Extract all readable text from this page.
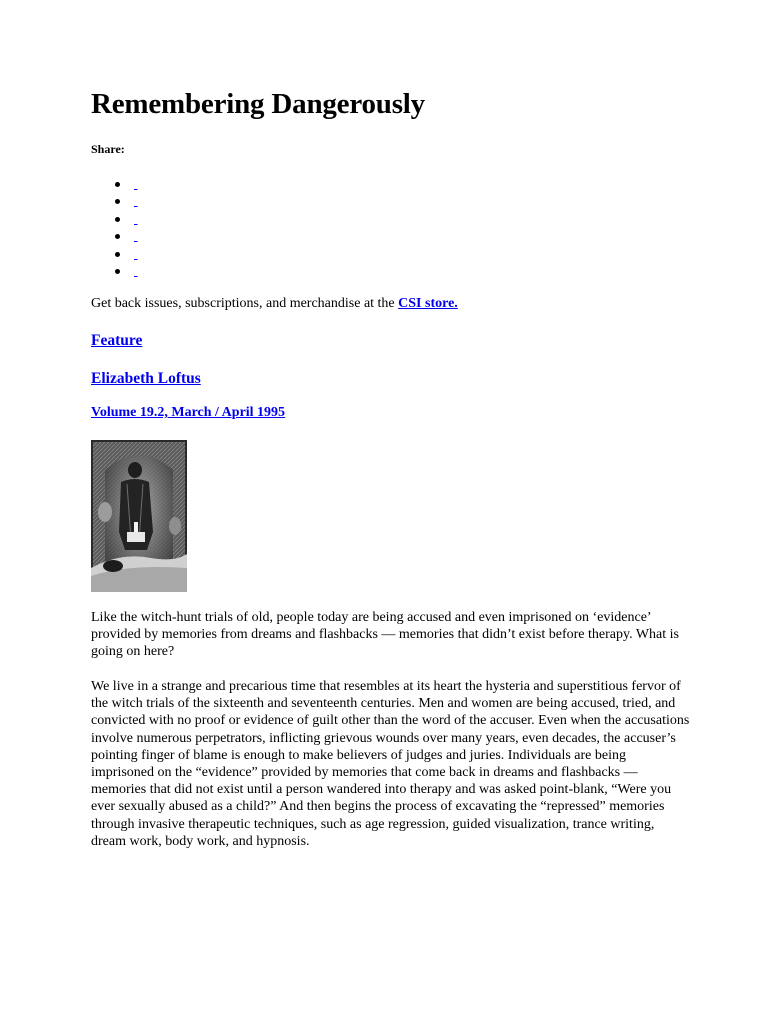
Remembering Dangerously
Share:

Get back issues, subscriptions, and merchandise at the CSI store.
Feature
Elizabeth Loftus
Volume 19.2, March / April 1995

Like the witch-hunt trials of old, people today are being accused and even imprisoned on ‘evidence’ provided by memories from dreams and flashbacks — memories that didn’t exist before therapy. What is going on here?

We live in a strange and precarious time that resembles at its heart the hysteria and superstitious fervor of the witch trials of the sixteenth and seventeenth centuries. Men and women are being accused, tried, and convicted with no proof or evidence of guilt other than the word of the accuser. Even when the accusations involve numerous perpetrators, inflicting grievous wounds over many years, even decades, the accuser’s pointing finger of blame is enough to make believers of judges and juries. Individuals are being imprisoned on the “evidence” provided by memories that come back in dreams and flashbacks — memories that did not exist until a person wandered into therapy and was asked point-blank, “Were you ever sexually abused as a child?” And then begins the process of excavating the “repressed” memories through invasive therapeutic techniques, such as age regression, guided visualization, trance writing, dream work, body work, and hypnosis.
